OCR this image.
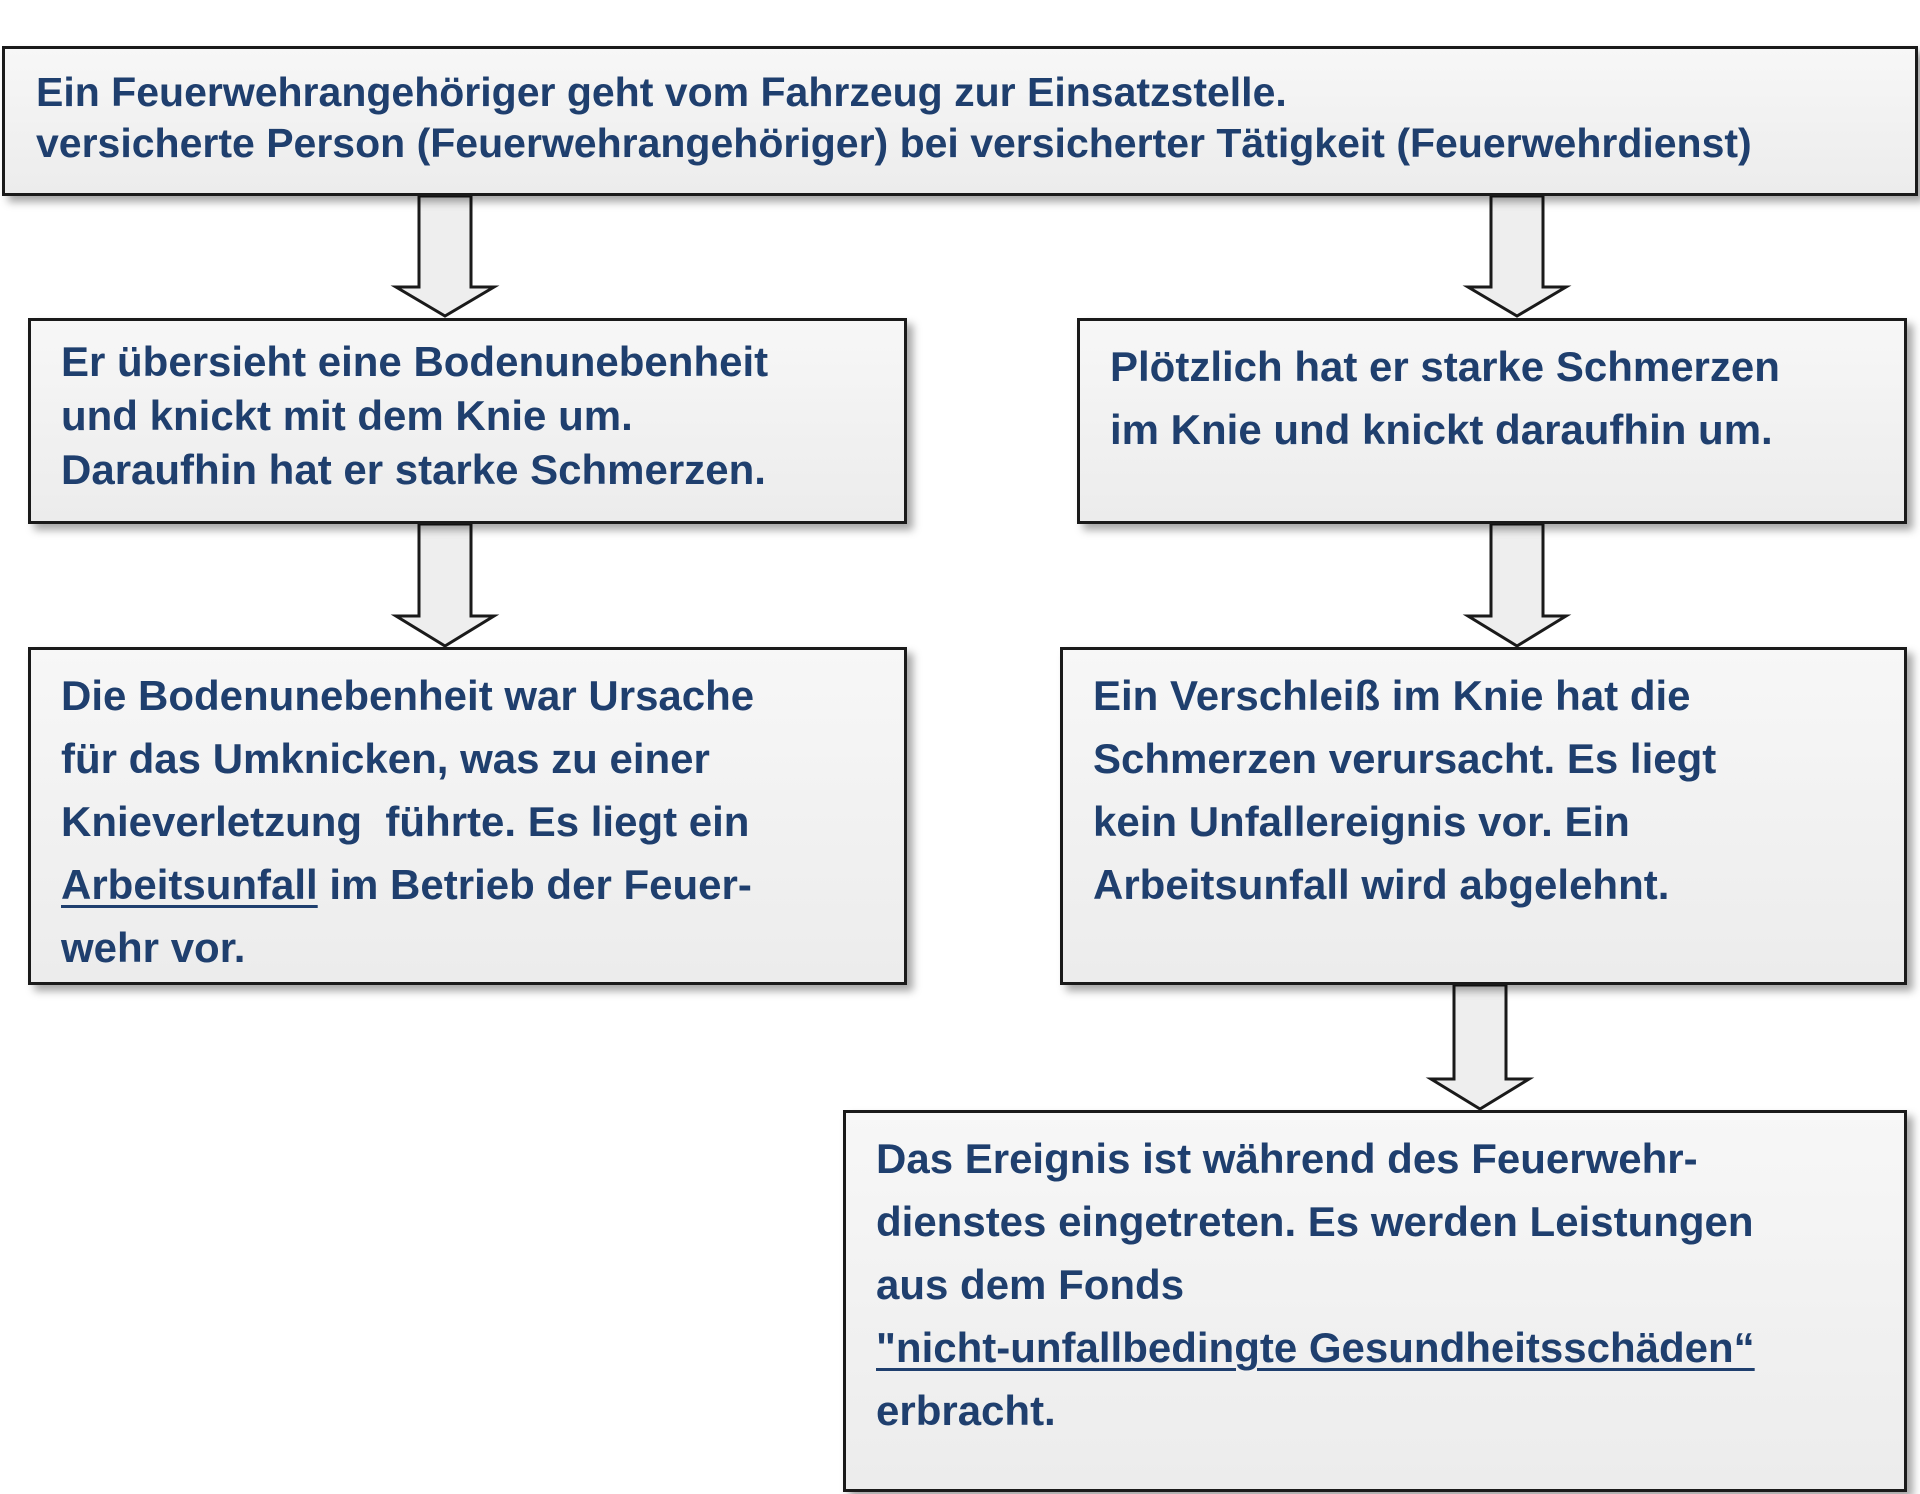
Ein Feuerwehrangehöriger geht vom Fahrzeug zur Einsatzstelle.
versicherte Person (Feuerwehrangehöriger) bei versicherter Tätigkeit (Feuerwehrdienst)
Er übersieht eine Bodenunebenheit
und knickt mit dem Knie um.
Daraufhin hat er starke Schmerzen.
Plötzlich hat er starke Schmerzen
im Knie und knickt daraufhin um.
Die Bodenunebenheit war Ursache
für das Umknicken, was zu einer
Knieverletzung  führte. Es liegt ein
Arbeitsunfall im Betrieb der Feuer-
wehr vor.
Ein Verschleiß im Knie hat die
Schmerzen verursacht. Es liegt
kein Unfallereignis vor. Ein
Arbeitsunfall wird abgelehnt.
Das Ereignis ist während des Feuerwehr-
dienstes eingetreten. Es werden Leistungen
aus dem Fonds
"nicht-unfallbedingte Gesundheitsschäden“
erbracht.
